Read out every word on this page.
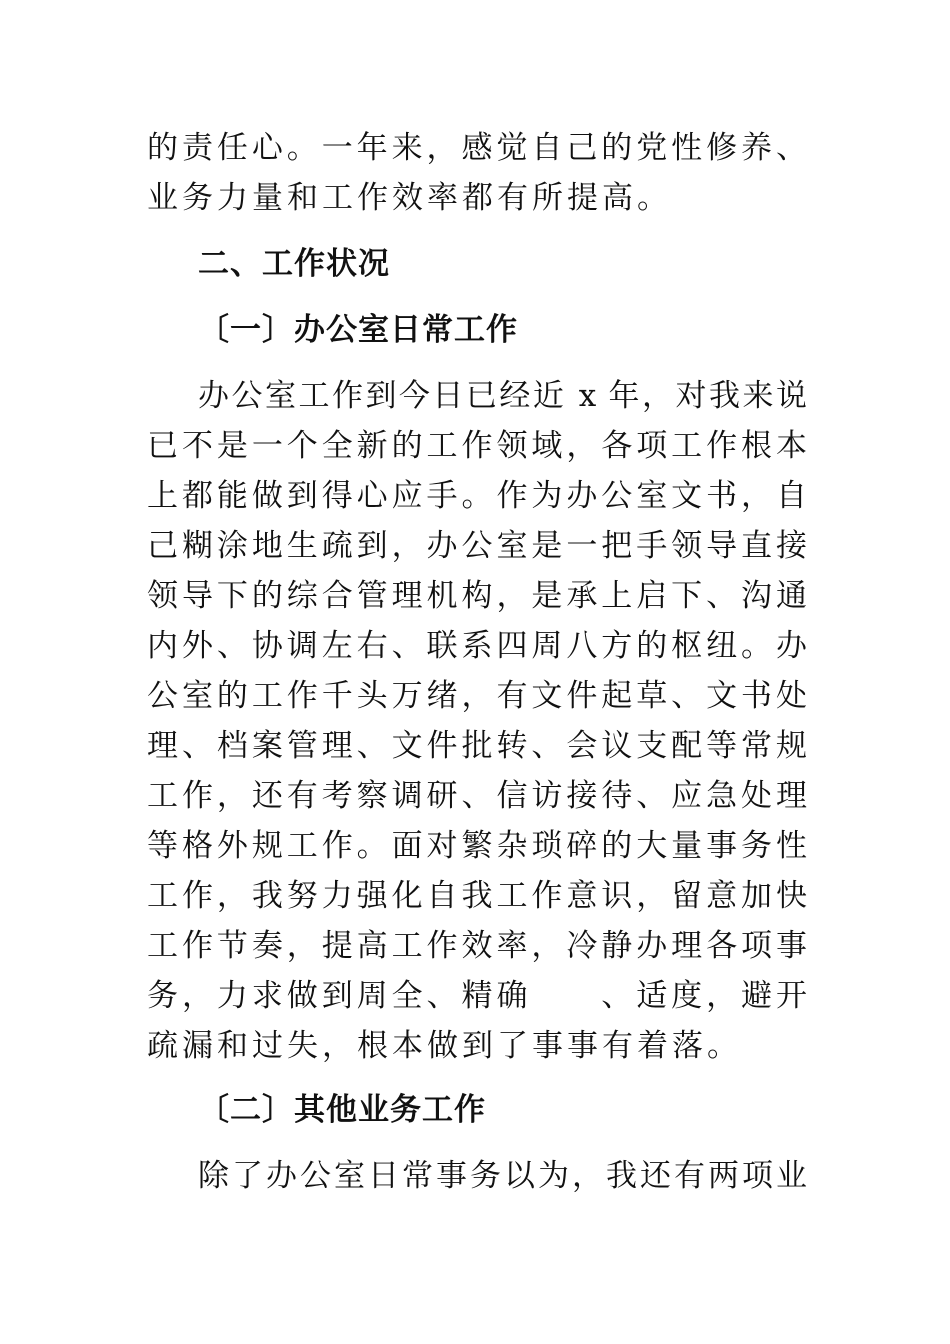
的责任心。一年来，感觉自己的党性修养、
业务力量和工作效率都有所提高。
二、工作状况
〔一〕办公室日常工作
办公室工作到今日已经近 x 年，对我来说
已不是一个全新的工作领域，各项工作根本
上都能做到得心应手。作为办公室文书，自
己糊涂地生疏到，办公室是一把手领导直接
领导下的综合管理机构，是承上启下、沟通
内外、协调左右、联系四周八方的枢纽。办
公室的工作千头万绪，有文件起草、文书处
理、档案管理、文件批转、会议支配等常规
工作，还有考察调研、信访接待、应急处理
等格外规工作。面对繁杂琐碎的大量事务性
工作，我努力强化自我工作意识，留意加快
工作节奏，提高工作效率，冷静办理各项事
务，力求做到周全、精确　　、适度，避开
疏漏和过失，根本做到了事事有着落。
〔二〕其他业务工作
除了办公室日常事务以为，我还有两项业
